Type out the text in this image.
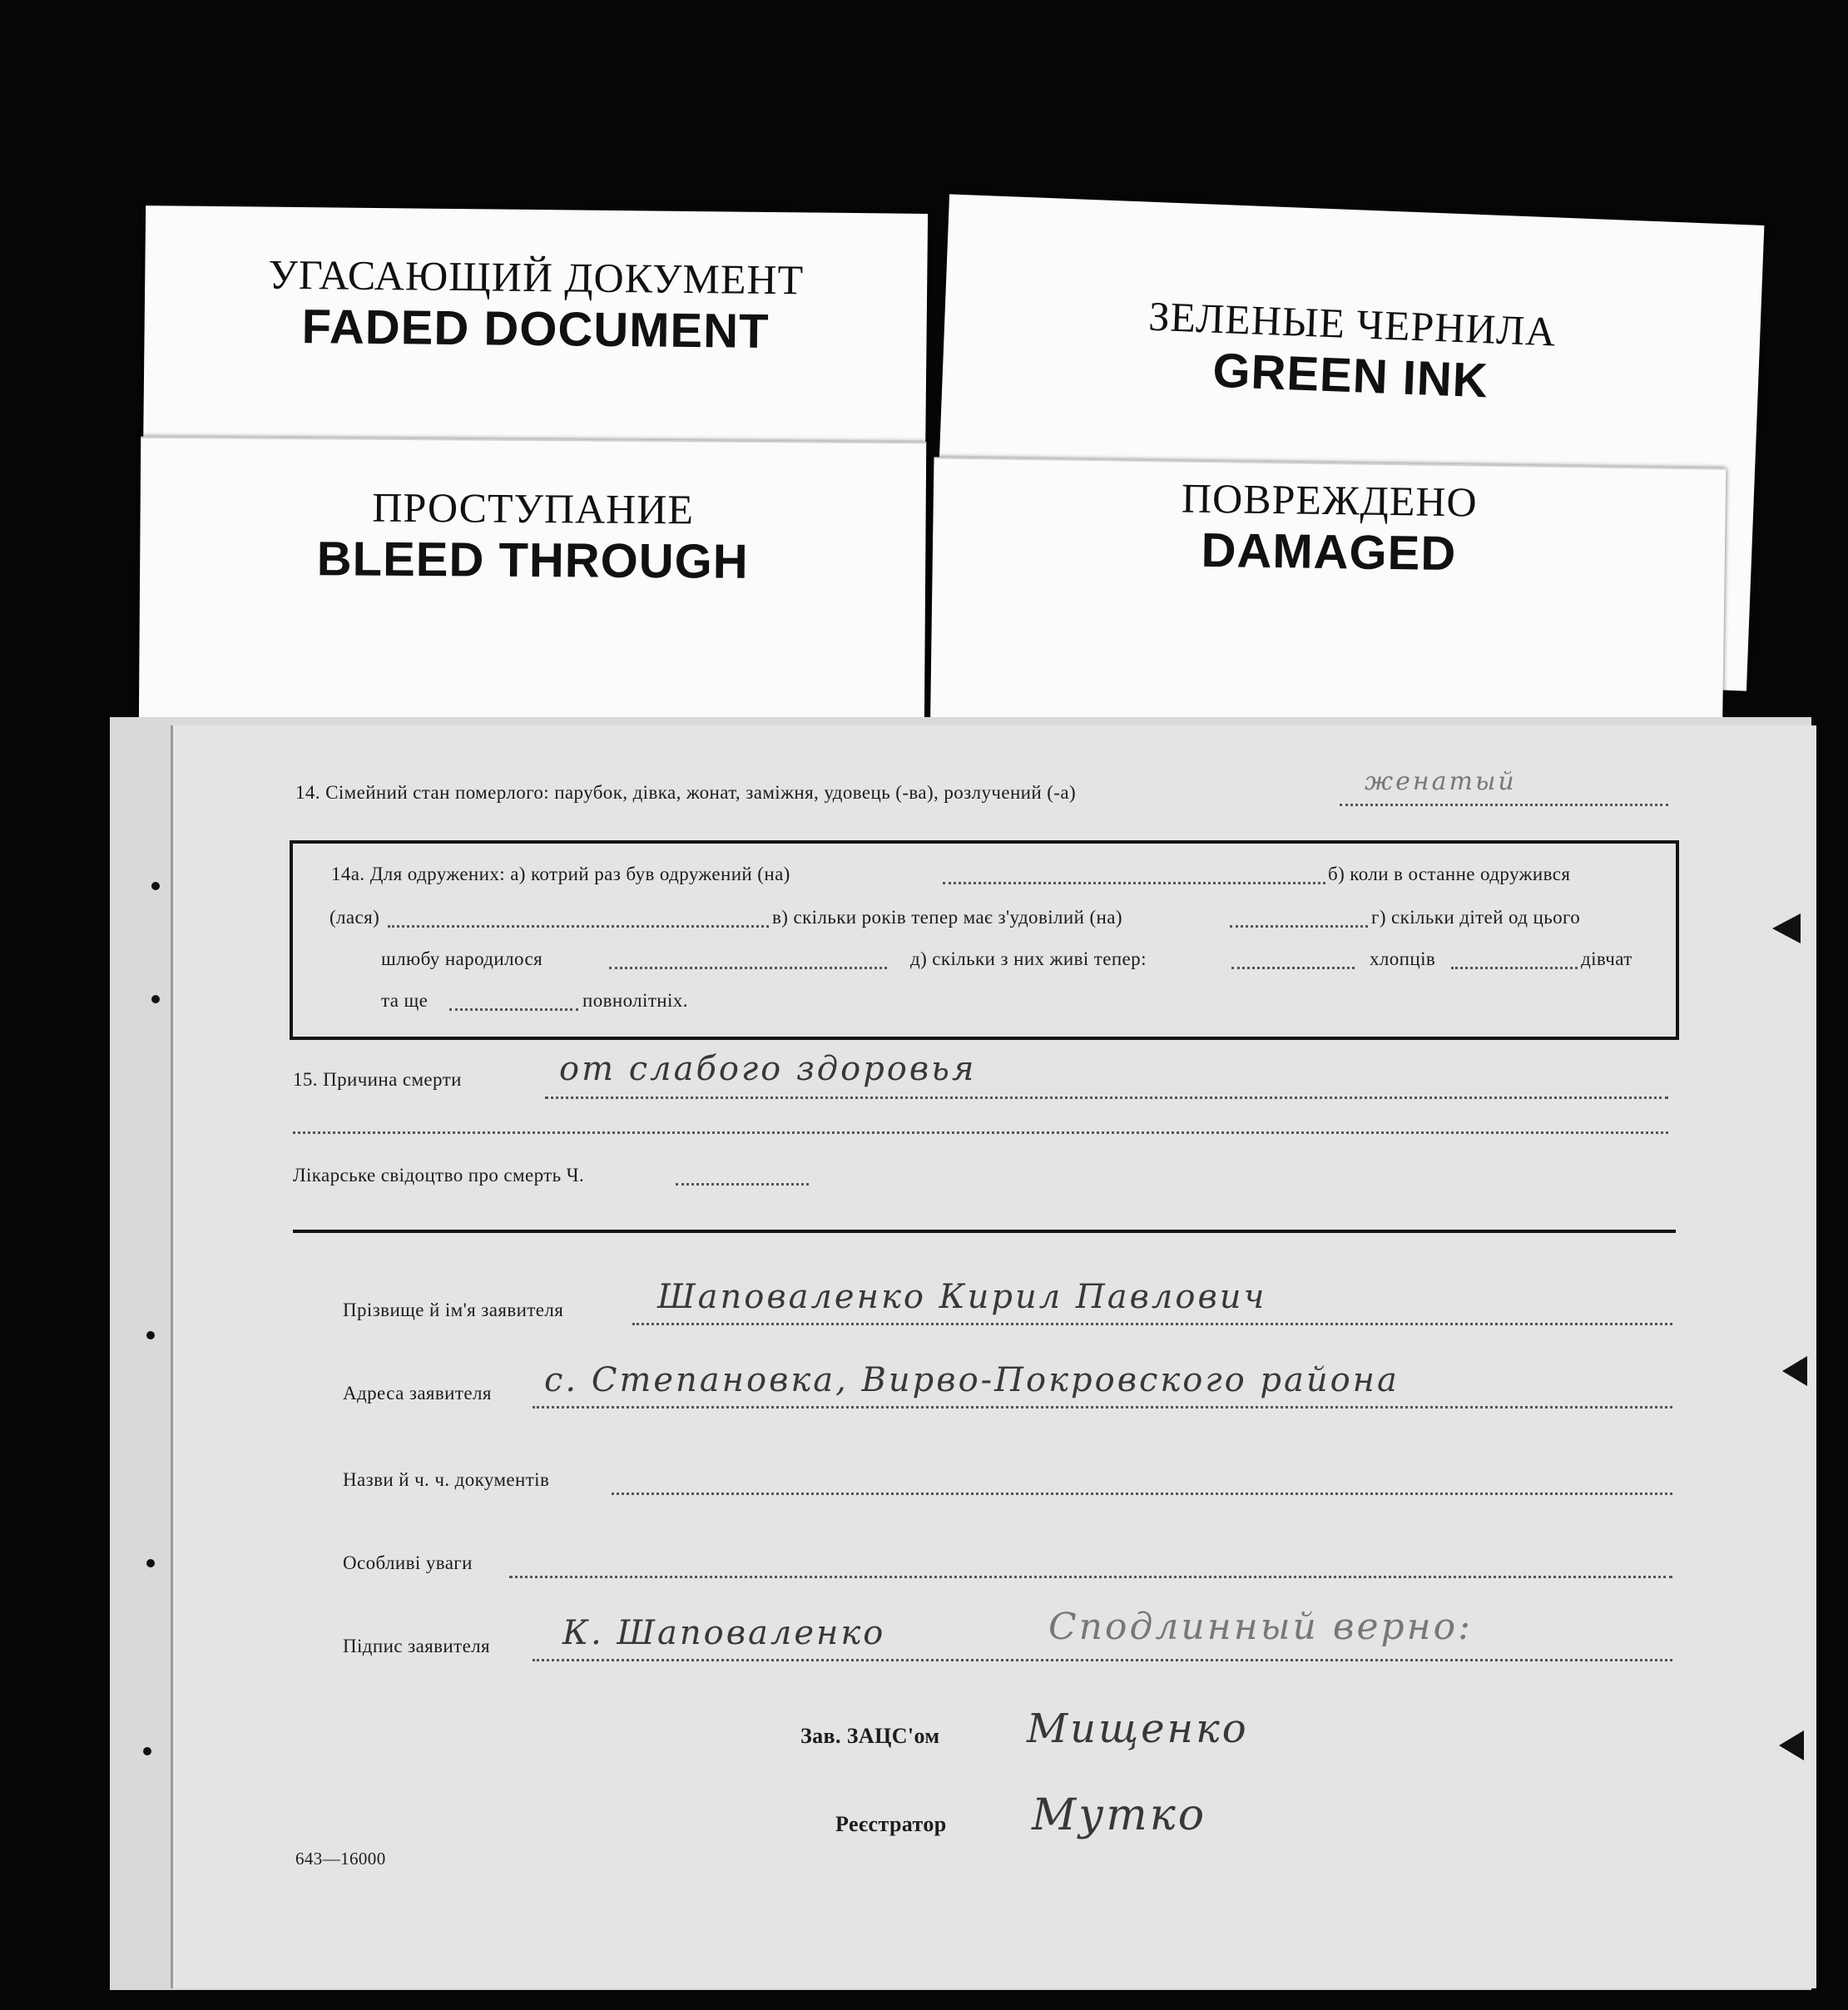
ЗЕЛЕНЫЕ ЧЕРНИЛА
GREEN INK
УГАСАЮЩИЙ ДОКУМЕНТ
FADED DOCUMENT
ПОВРЕЖДЕНО
DAMAGED
ПРОСТУПАНИЕ
BLEED THROUGH
14. Сімейний стан померлого: парубок, дівка, жонат, заміжня, удовець (-ва), розлучений (-а)	женатый
14а. Для одружених: а) котрий раз був одружений (на)	б) коли в останне одружився
(лася)	в) скільки років тепер має з'удовілий (на)	г) скільки дітей од цього
шлюбу народилося	д) скільки з них живі тепер:	хлопців	дівчат
та ще	повнолітніх.
15. Причина смерти	от слабого здоровья
Лікарське свідоцтво про смерть Ч.
Прізвище й ім'я заявителя	Шаповаленко Кирил Павлович
Адреса заявителя с. Степановка, Вирво-Покровского района
Назви й ч. ч. документів
Особливі уваги
Підпис заявителя К. Шаповаленко	Сподлинный верно:
Зав. ЗАЦС'ом Мищенко
Реєстратор Мутко
643—16000
